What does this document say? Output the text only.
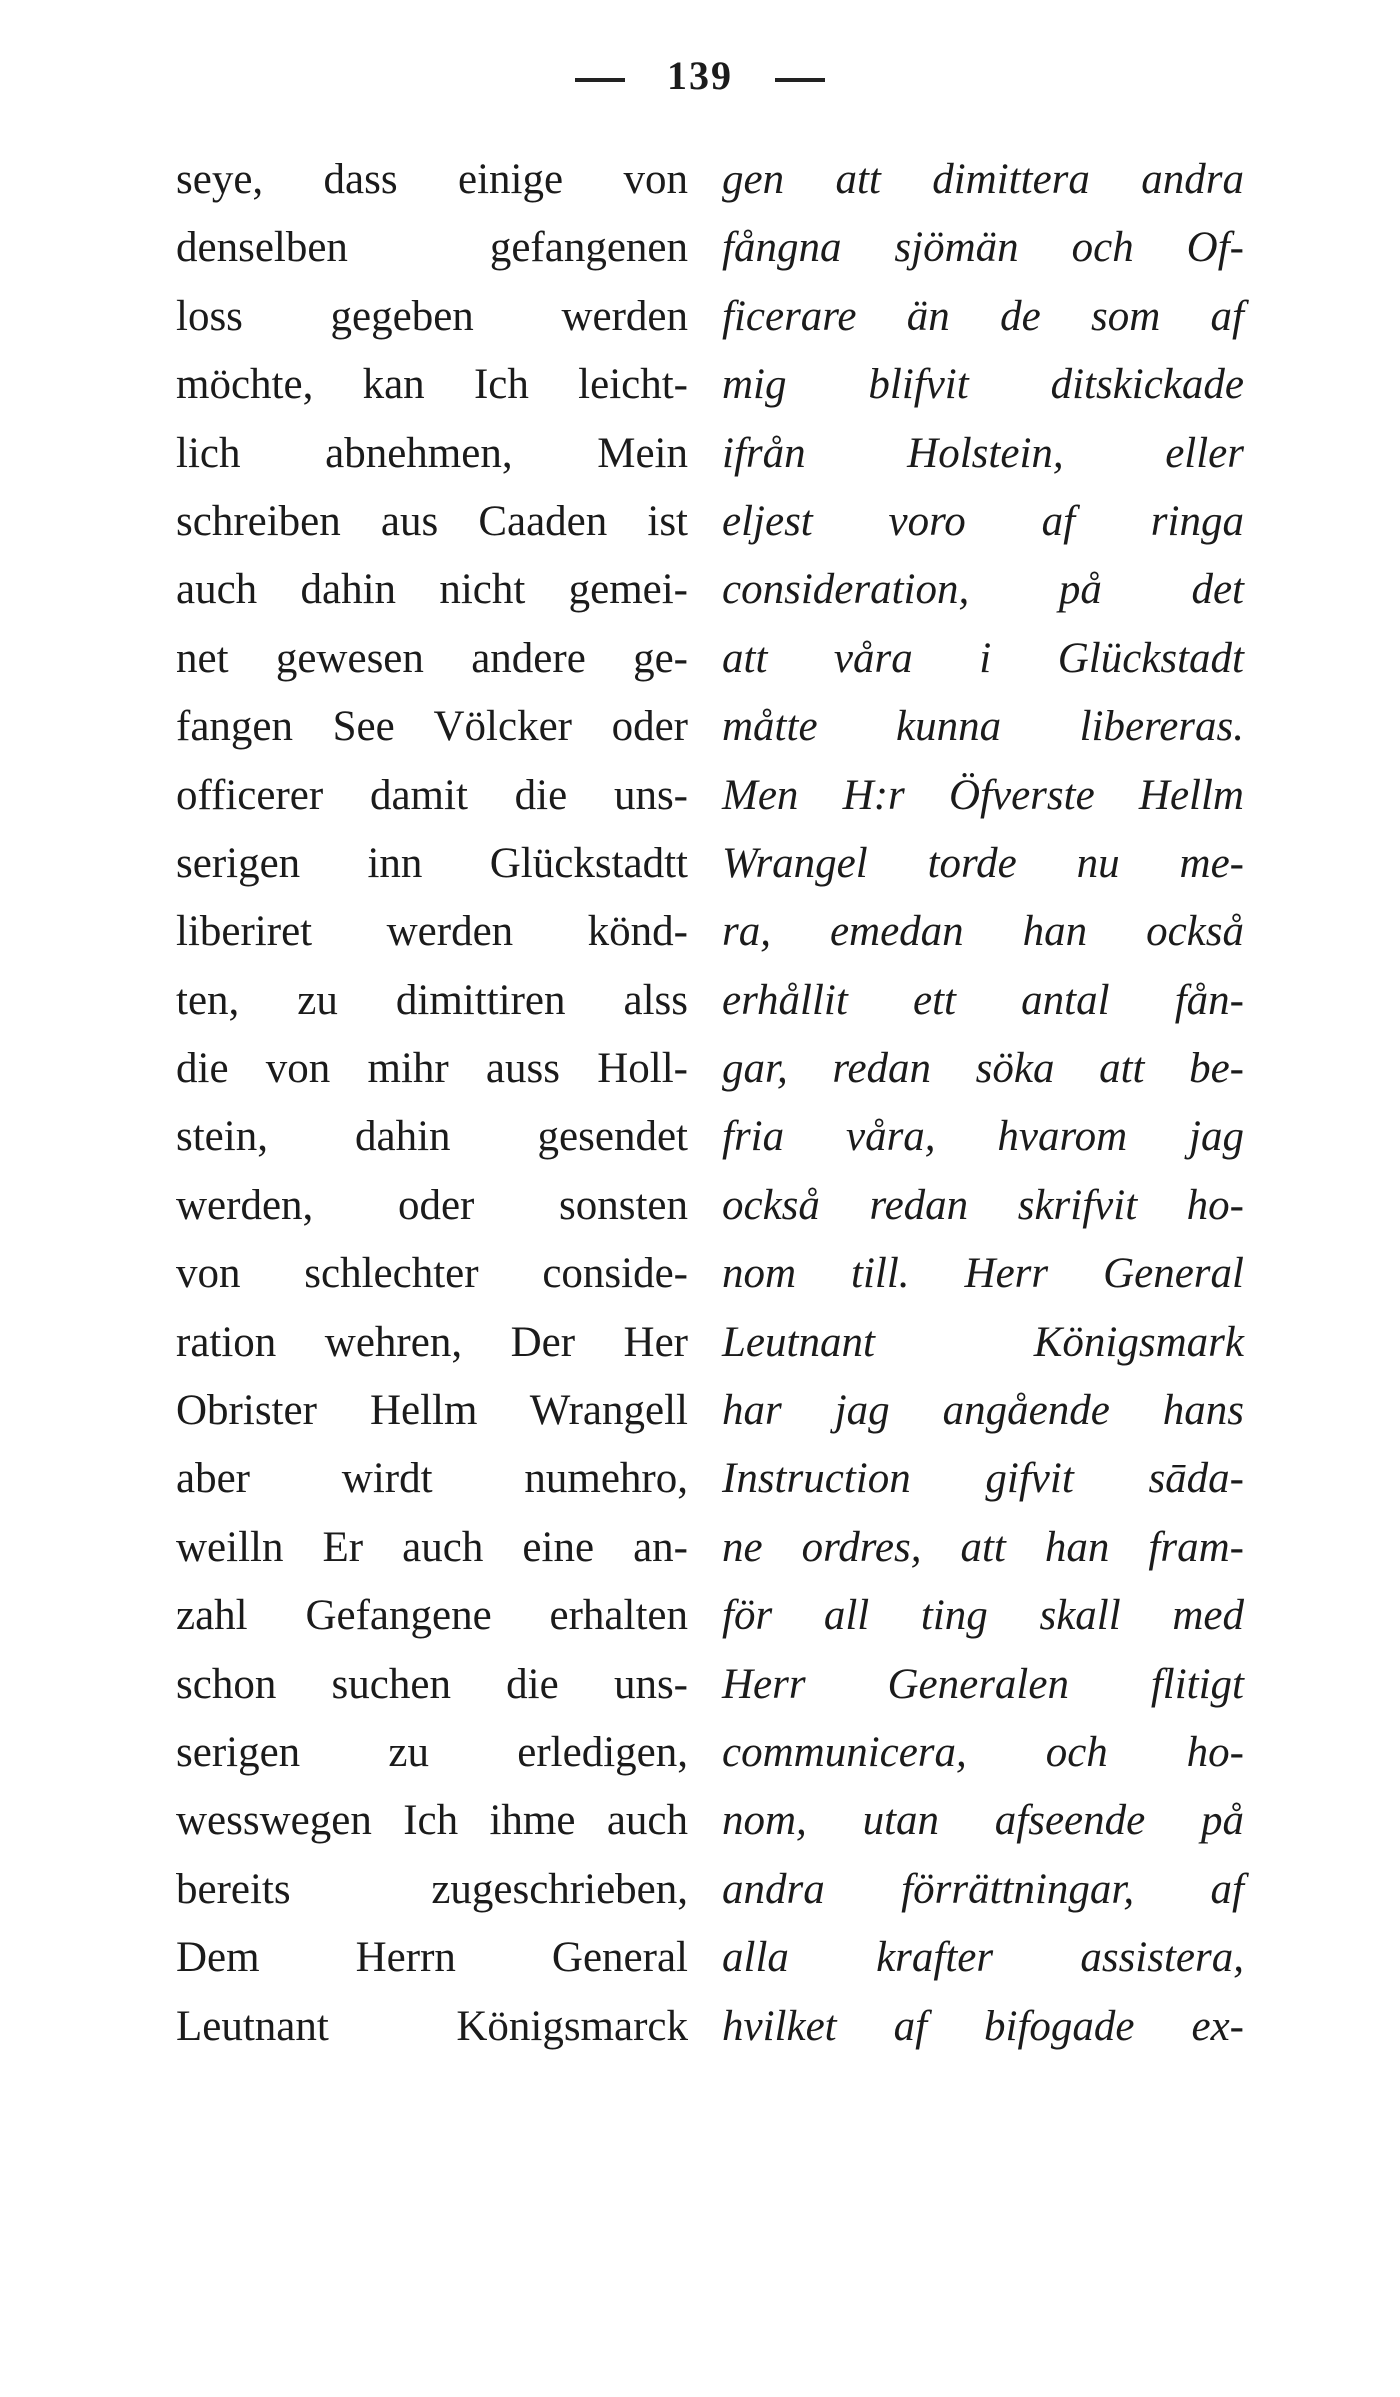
139
seye, dass einige von
denselben gefangenen
loss gegeben werden
möchte, kan Ich leicht-
lich abnehmen, Mein
schreiben aus Caaden ist
auch dahin nicht gemei-
net gewesen andere ge-
fangen See Völcker oder
officerer damit die uns-
serigen inn Glückstadtt
liberiret werden könd-
ten, zu dimittiren alss
die von mihr auss Holl-
stein, dahin gesendet
werden, oder sonsten
von schlechter conside-
ration wehren, Der Her
Obrister Hellm Wrangell
aber wirdt numehro,
weilln Er auch eine an-
zahl Gefangene erhalten
schon suchen die uns-
serigen zu erledigen,
wesswegen Ich ihme auch
bereits zugeschrieben,
Dem Herrn General
Leutnant Königsmarck
gen att dimittera andra
fångna sjömän och Of-
ficerare än de som af
mig blifvit ditskickade
ifrån Holstein, eller
eljest voro af ringa
consideration, på det
att våra i Glückstadt
måtte kunna libereras.
Men H:r Öfverste Hellm
Wrangel torde nu me-
ra, emedan han också
erhållit ett antal fån-
gar, redan söka att be-
fria våra, hvarom jag
också redan skrifvit ho-
nom till. Herr General
Leutnant Königsmark
har jag angående hans
Instruction gifvit sāda-
ne ordres, att han fram-
för all ting skall med
Herr Generalen flitigt
communicera, och ho-
nom, utan afseende på
andra förrättningar, af
alla krafter assistera,
hvilket af bifogade ex-
